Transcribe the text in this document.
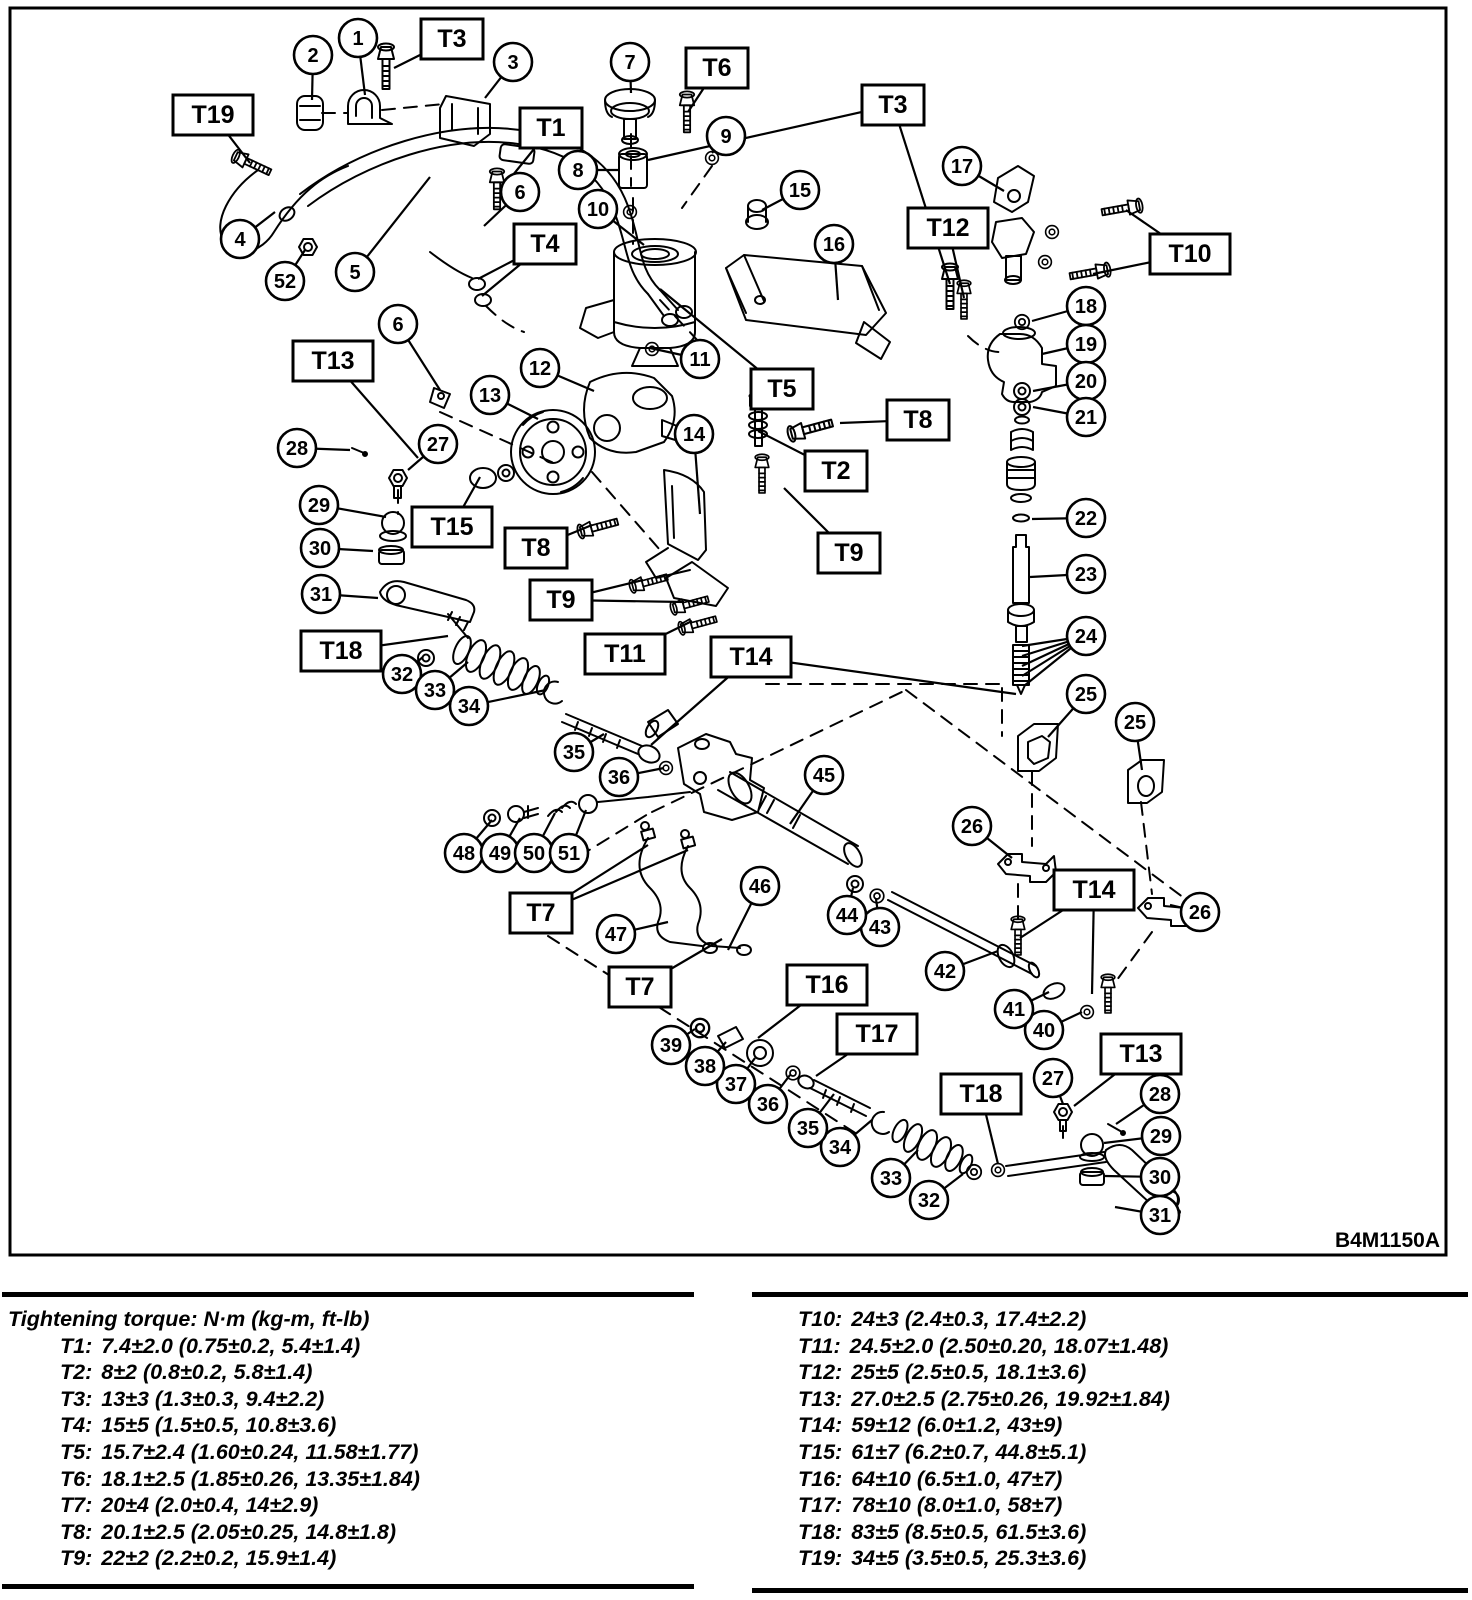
1
2	3
4
5
6
6
7
8
9
10
11
12
13
14
15
16
17
18
19
20
21
22
23
24
25
25
26
26
27
27
28
28
29
29
30
30
31
31
32
32
33
33
34
34
35
35
36
36
37
38
39
40
41
42
43
44
45
46
47
48 49 50 51
52
T3
T19	T1
T6
T3
T4
T12
T10
T13
T5
T8
T2
T9
T15
T8
T9
T18	T11	T14
T7
T7	T16
T17
T18
T13
T14
B4M1150A
Tightening torque: N·m (kg-m, ft-lb)
T1: 7.4±2.0 (0.75±0.2, 5.4±1.4)
T2: 8±2 (0.8±0.2, 5.8±1.4)
T3: 13±3 (1.3±0.3, 9.4±2.2)
T4: 15±5 (1.5±0.5, 10.8±3.6)
T5: 15.7±2.4 (1.60±0.24, 11.58±1.77)
T6: 18.1±2.5 (1.85±0.26, 13.35±1.84)
T7: 20±4 (2.0±0.4, 14±2.9)
T8: 20.1±2.5 (2.05±0.25, 14.8±1.8)
T9: 22±2 (2.2±0.2, 15.9±1.4)
T10: 24±3 (2.4±0.3, 17.4±2.2)
T11: 24.5±2.0 (2.50±0.20, 18.07±1.48)
T12: 25±5 (2.5±0.5, 18.1±3.6)
T13: 27.0±2.5 (2.75±0.26, 19.92±1.84)
T14: 59±12 (6.0±1.2, 43±9)
T15: 61±7 (6.2±0.7, 44.8±5.1)
T16: 64±10 (6.5±1.0, 47±7)
T17: 78±10 (8.0±1.0, 58±7)
T18: 83±5 (8.5±0.5, 61.5±3.6)
T19: 34±5 (3.5±0.5, 25.3±3.6)
